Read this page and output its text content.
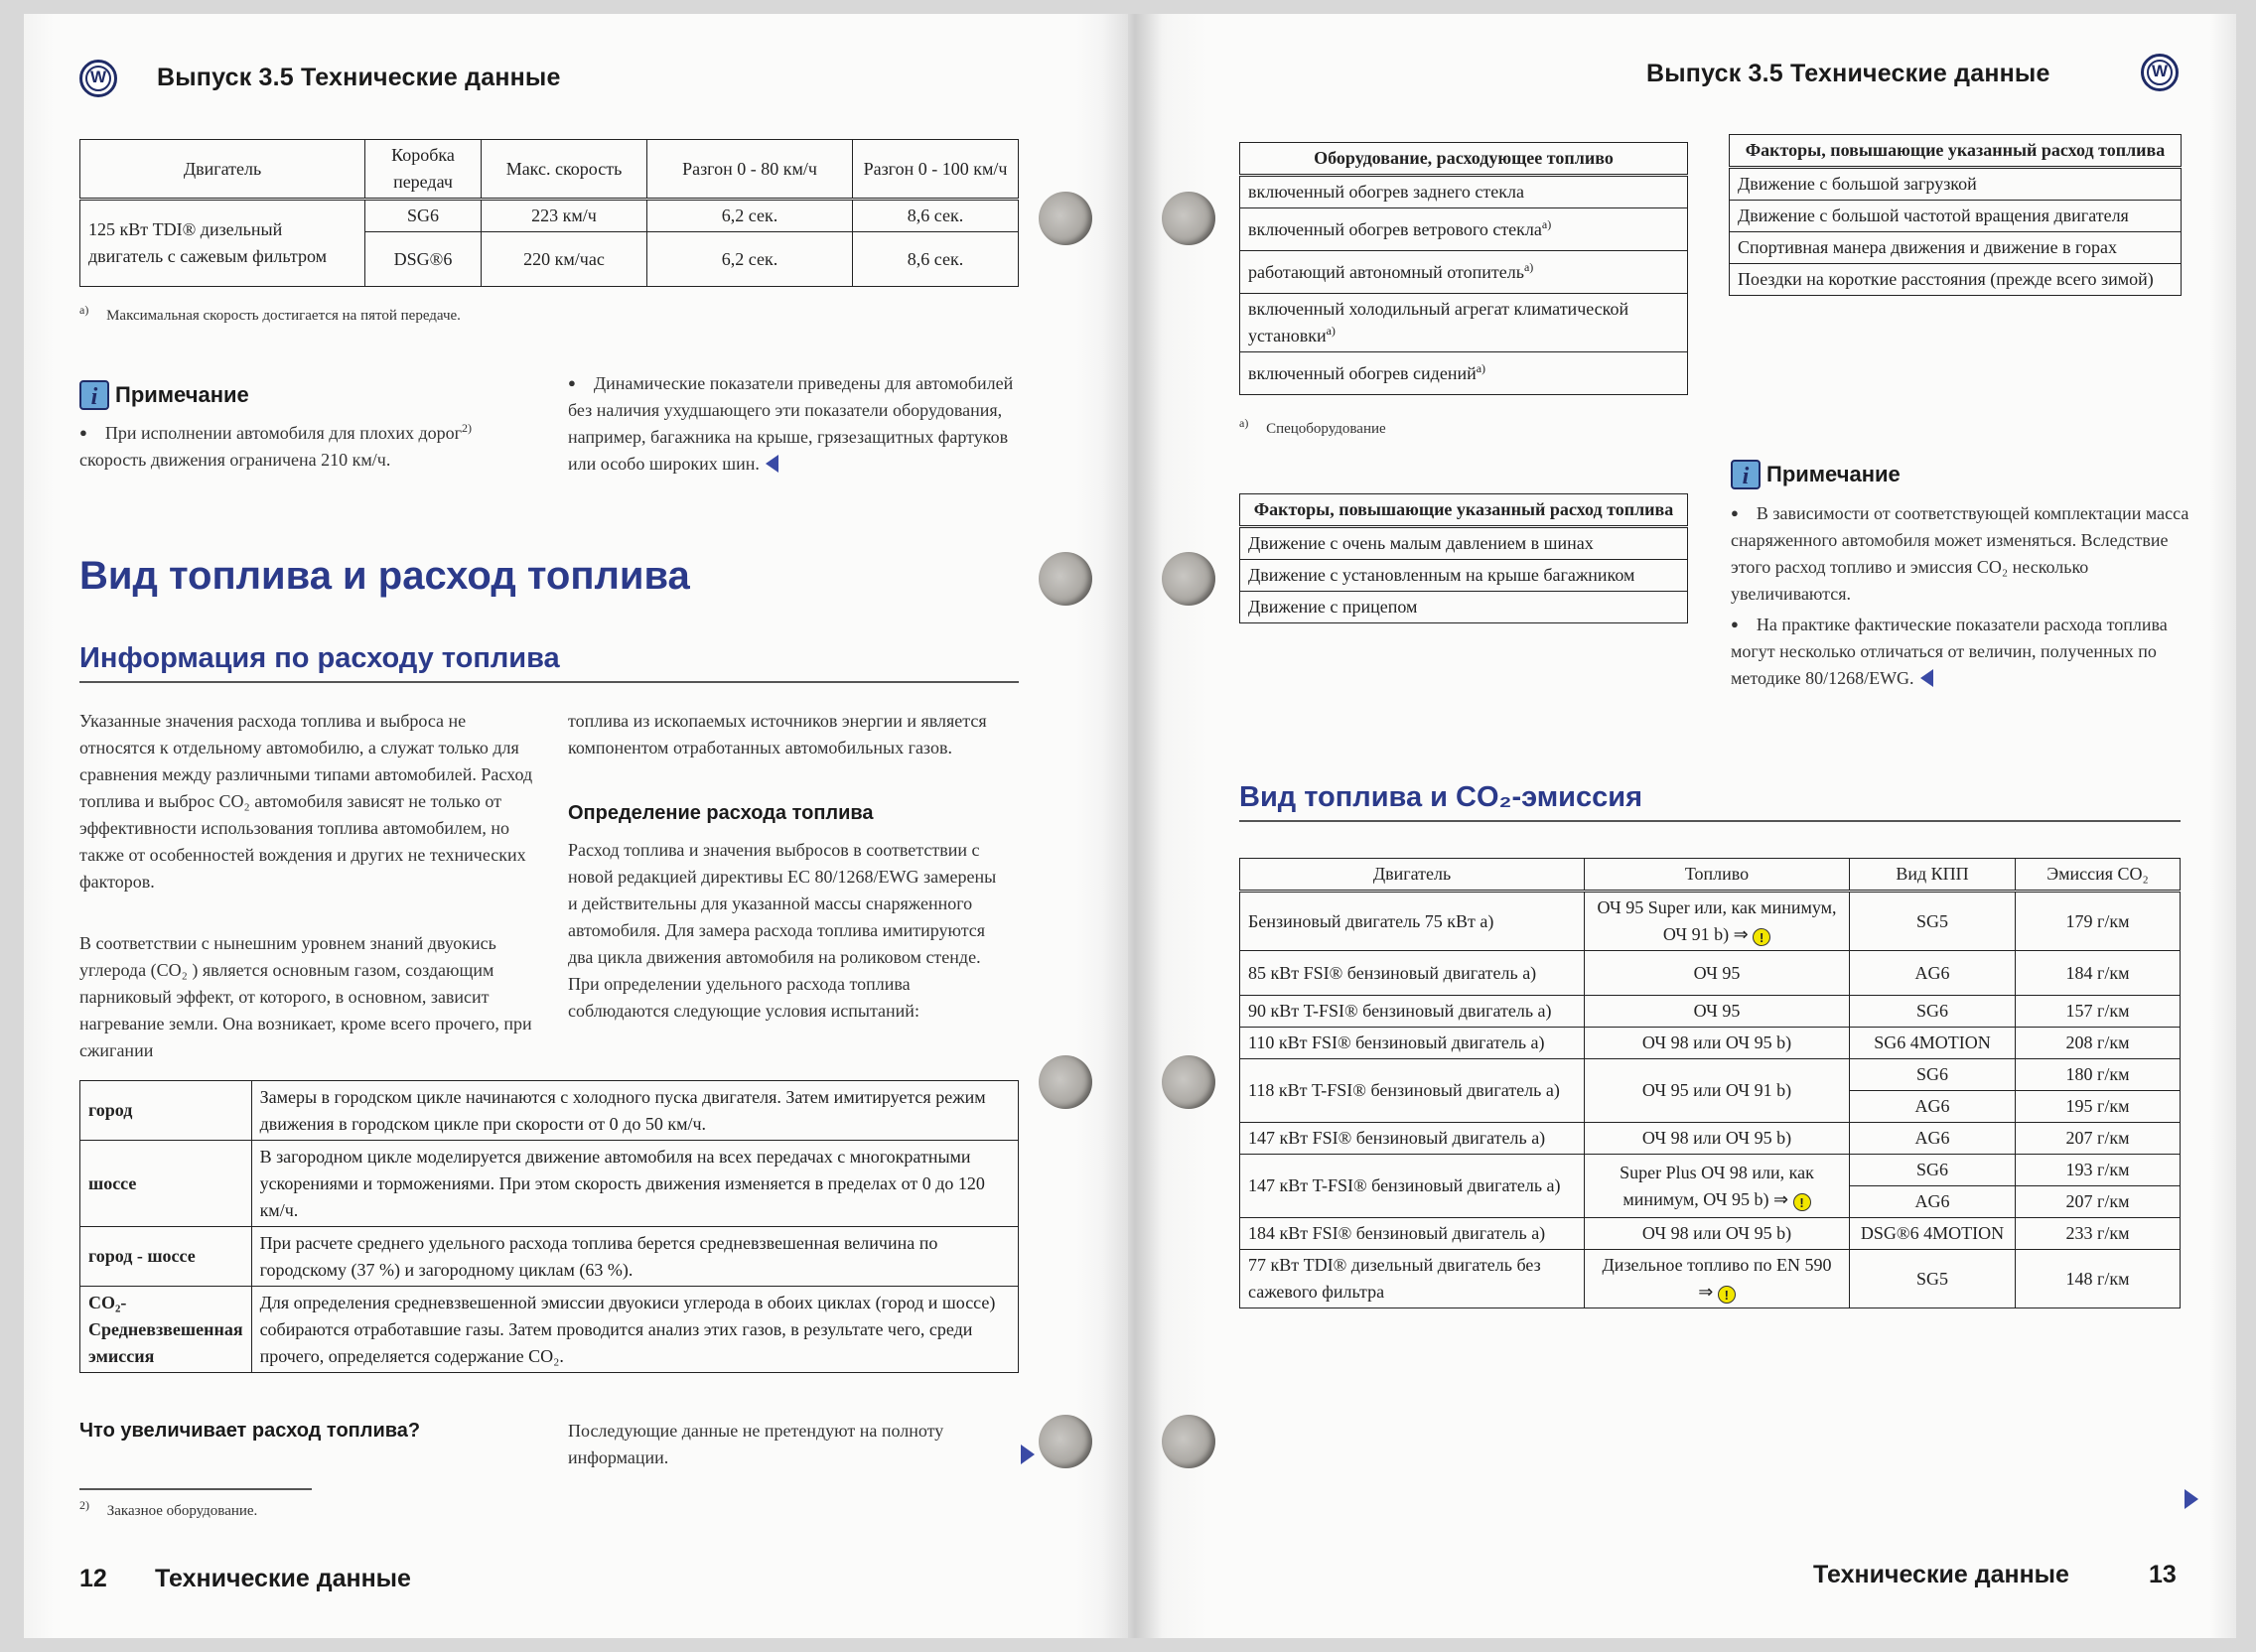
W	Выпуск 3.5 Технические данные
Двигатель	Коробка передач	Макс. скорость	Разгон 0 - 80 км/ч	Разгон 0 - 100 км/ч
125 кВт TDI® дизельный двигатель с сажевым фильтром	SG6	223 км/ч	6,2 сек.	8,6 сек.
	DSG®6	220 км/час	6,2 сек.	8,6 сек.
$^{a)}$ Максимальная скорость достигается на пятой передаче.
i Примечание
● При исполнении автомобиля для плохих дорог$^{2)}$ скорость движения ограничена 210 км/ч.
● Динамические показатели приведены для автомобилей без наличия ухудшающего эти показатели оборудования, например, багажника на крыше, грязезащитных фартуков или особо широких шин.
Вид топлива и расход топлива
Информация по расходу топлива
Указанные значения расхода топлива и выброса не относятся к отдельному автомобилю, а служат только для сравнения между различными типами автомобилей. Расход топлива и выброс CO₂ автомобиля зависят не только от эффективности использования топлива автомобилем, но также от особенностей вождения и других не технических факторов.
В соответствии с нынешним уровнем знаний двуокись углерода (CO₂ ) является основным газом, создающим парниковый эффект, от которого, в основном, зависит нагревание земли. Она возникает, кроме всего прочего, при сжигании
топлива из ископаемых источников энергии и является компонентом отработанных автомобильных газов.
Определение расхода топлива
Расход топлива и значения выбросов в соответствии с новой редакцией директивы ЕС 80/1268/EWG замерены и действительны для указанной массы снаряженного автомобиля. Для замера расхода топлива имитируются два цикла движения автомобиля на роликовом стенде. При определении удельного расхода топлива соблюдаются следующие условия испытаний:
город	Замеры в городском цикле начинаются с холодного пуска двигателя. Затем имитируется режим движения в городском цикле при скорости от 0 до 50 км/ч.
шоссе	В загородном цикле моделируется движение автомобиля на всех передачах с многократными ускорениями и торможениями. При этом скорость движения изменяется в пределах от 0 до 120 км/ч.
город - шоссе	При расчете среднего удельного расхода топлива берется средневзвешенная величина по городскому (37 %) и загородному циклам (63 %).
CO₂-Средневзвешенная эмиссия	Для определения средневзвешенной эмиссии двуокиси углерода в обоих циклах (город и шоссе) собираются отработавшие газы. Затем проводится анализ этих газов, в результате чего, среди прочего, определяется содержание CO₂.
Что увеличивает расход топлива?	Последующие данные не претендуют на полноту информации.
$^{2)}$ Заказное оборудование.
12 Технические данные
Выпуск 3.5 Технические данные	W
Оборудование, расходующее топливо
включенный обогрев заднего стекла
включенный обогрев ветрового стекла$^{a)}$
работающий автономный отопитель$^{a)}$
включенный холодильный агрегат климатической установки$^{a)}$
включенный обогрев сидений$^{a)}$
$^{a)}$ Спецоборудование
Факторы, повышающие указанный расход топлива
Движение с очень малым давлением в шинах
Движение с установленным на крыше багажником
Движение с прицепом
Факторы, повышающие указанный расход топлива
Движение с большой загрузкой
Движение с большой частотой вращения двигателя
Спортивная манера движения и движение в горах
Поездки на короткие расстояния (прежде всего зимой)
i Примечание
● В зависимости от соответствующей комплектации масса снаряженного автомобиля может изменяться. Вследствие этого расход топливо и эмиссия CO₂ несколько увеличиваются.
● На практике фактические показатели расхода топлива могут несколько отличаться от величин, полученных по методике 80/1268/EWG.
Вид топлива и CO₂-эмиссия
Двигатель	Топливо	Вид КПП	Эмиссия CO₂
Бензиновый двигатель 75 кВт a)	ОЧ 95 Super или, как минимум, ОЧ 91 b) ⇒ !	SG5	179 г/км
85 кВт FSI® бензиновый двигатель a)	ОЧ 95	AG6	184 г/км
90 кВт T-FSI® бензиновый двигатель a)	ОЧ 95	SG6	157 г/км
110 кВт FSI® бензиновый двигатель a)	ОЧ 98 или ОЧ 95 b)	SG6 4MOTION	208 г/км
118 кВт T-FSI® бензиновый двигатель a)	ОЧ 95 или ОЧ 91 b)	SG6	180 г/км
		AG6	195 г/км
147 кВт FSI® бензиновый двигатель a)	ОЧ 98 или ОЧ 95 b)	AG6	207 г/км
147 кВт T-FSI® бензиновый двигатель a)	Super Plus ОЧ 98 или, как минимум, ОЧ 95 b) ⇒ !	SG6	193 г/км
		AG6	207 г/км
184 кВт FSI® бензиновый двигатель a)	ОЧ 98 или ОЧ 95 b)	DSG®6 4MOTION	233 г/км
77 кВт TDI® дизельный двигатель без сажевого фильтра	Дизельное топливо по EN 590 ⇒ !	SG5	148 г/км
Технические данные	13
